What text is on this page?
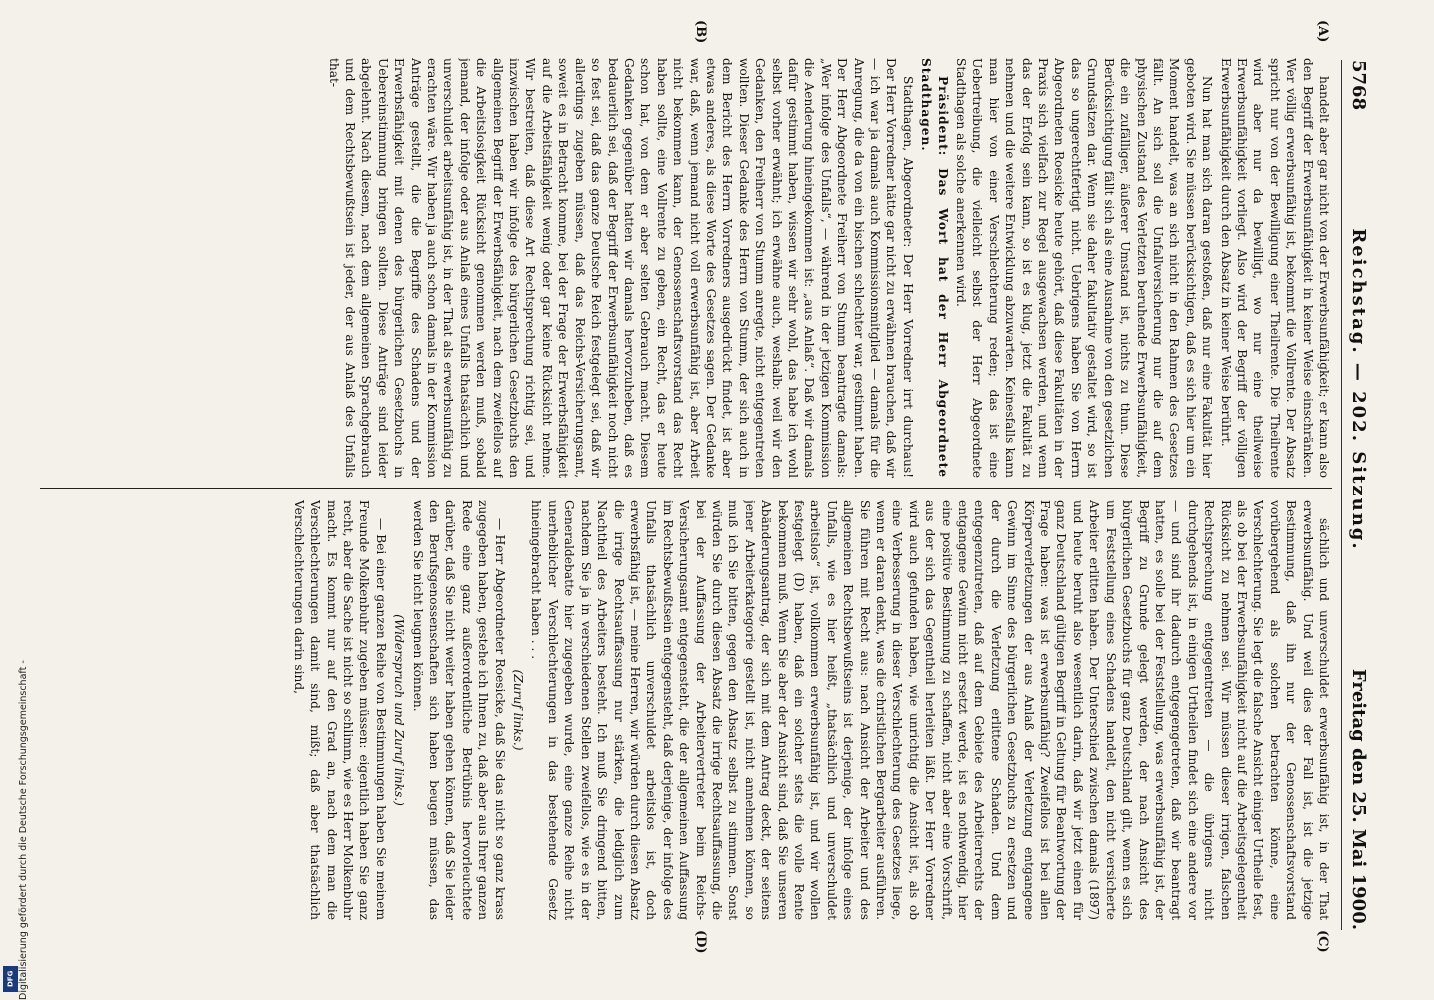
5768
Reichstag. — 202. Sitzung.
Freitag den 25. Mai 1900.
(A)
(B)
(C)
(D)

handelt aber gar nicht von der Erwerbsunfähigkeit; er kann also den Begriff der Erwerbsunfähigkeit in keiner Weise einschränken. Wer völlig erwerbsunfähig ist, bekommt die Vollrente. Der Absatz spricht nur von der Bewilligung einer Theilrente. Die Theilrente wird aber nur da bewilligt, wo nur eine theilweise Erwerbsunfähigkeit vorliegt. Also wird der Begriff der völligen Erwerbsunfähigkeit durch den Absatz in keiner Weise berührt.

Nun hat man sich daran gestoßen, daß nur eine Fakultät hier geboten wird. Sie müssen berücksichtigen, daß es sich hier um ein Moment handelt, was an sich nicht in den Rahmen des Gesetzes fällt. An sich soll die Unfallversicherung nur die auf dem physischen Zustand des Verletzten beruhende Erwerbsunfähigkeit, die ein zufälliger, äußerer Umstand ist, nichts zu thun. Diese Berücksichtigung fällt sich als eine Ausnahme von den gesetzlichen Grundsätzen dar. Wenn sie daher fakultativ gestaltet wird, so ist das so ungerechtfertigt nicht. Uebrigens haben Sie von Herrn Abgeordneten Roesicke heute gehört, daß diese Fakultäten in der Praxis sich vielfach zur Regel ausgewachsen werden, und wenn das der Erfolg sein kann, so ist es klug, jetzt die Fakultät zu nehmen und die weitere Entwicklung abzuwarten. Keinesfalls kann man hier von einer Verschlechterung reden; das ist eine Uebertreibung, die vielleicht selbst der Herr Abgeordnete Stadthagen als solche anerkennen wird.

Präsident: Das Wort hat der Herr Abgeordnete Stadthagen.

Stadthagen, Abgeordneter: Der Herr Vorredner irrt durchaus! Der Herr Vorredner hätte gar nicht zu erwähnen brauchen, daß wir — ich war ja damals auch Kommissionsmitglied — damals für die Anregung, die da von ein bischen schlechter war, gestimmt haben. Der Herr Abgeordnete Freiherr von Stumm beantragte damals: „Wer infolge des Unfalls“, — während in der jetzigen Kommission die Aenderung hineingekommen ist: „aus Anlaß“. Daß wir damals dafür gestimmt haben, wissen wir sehr wohl, das habe ich wohl selbst vorher erwähnt; ich erwähne auch, weshalb: weil wir den Gedanken, den Freiherr von Stumm anregte, nicht entgegentreten wollten. Dieser Gedanke des Herrn von Stumm, der sich auch in dem Bericht des Herrn Vorredners ausgedrückt findet, ist aber etwas anderes, als diese Worte des Gesetzes sagen. Der Gedanke war, daß, wenn jemand nicht voll erwerbsunfähig ist, aber Arbeit nicht bekommen kann, der Genossenschaftsvorstand das Recht haben sollte, eine Vollrente zu geben, ein Recht, das er heute schon hat, von dem er aber selten Gebrauch macht. Diesem Gedanken gegenüber hatten wir damals hervorzuheben, daß es bedauerlich sei, daß der Begriff der Erwerbsunfähigkeit noch nicht so fest sei, daß das ganze Deutsche Reich festgelegt sei, daß wir allerdings zugeben müssen, daß das Reichs-Versicherungsamt, soweit es in Betracht komme, bei der Frage der Erwerbsfähigkeit auf die Arbeitsfähigkeit wenig oder gar keine Rücksicht nehme. Wir bestreiten, daß diese Art Rechtsprechung richtig sei, und inzwischen haben wir infolge des bürgerlichen Gesetzbuchs den allgemeinen Begriff der Erwerbsfähigkeit, nach dem zweifellos auf die Arbeitslosigkeit Rücksicht genommen werden muß, sobald jemand, der infolge oder aus Anlaß eines Unfalls thatsächlich und unverschuldet arbeitsunfähig ist, in der That als erwerbsunfähig zu erachten wäre. Wir haben ja auch schon damals in der Kommission Anträge gestellt, die die Begriffe des Schadens und der Erwerbsfähigkeit mit denen des bürgerlichen Gesetzbuchs in Uebereinstimmung bringen sollten. Diese Anträge sind leider abgelehnt. Nach diesem, nach dem allgemeinen Sprachgebrauch und dem Rechtsbewußtsein ist jeder, der aus Anlaß des Unfalls that-

sächlich und unverschuldet erwerbsunfähig ist, in der That erwerbsunfähig. Und weil dies der Fall ist, ist die jetzige Bestimmung, daß ihn nur der Genossenschaftsvorstand vorübergehend als solchen betrachten könne, eine Verschlechterung. Sie legt die falsche Ansicht einiger Urtheile fest, als ob bei der Erwerbsunfähigkeit nicht auf die Arbeitsgelegenheit Rücksicht zu nehmen sei. Wir müssen dieser irrigen, falschen Rechtsprechung entgegentreten — die übrigens nicht durchgehends ist, in einigen Urtheilen findet sich eine andere vor — und sind ihr dadurch entgegengetreten, daß wir beantragt hatten, es solle bei der Feststellung, was erwerbsunfähig ist, der Begriff zu Grunde gelegt werden, der nach Ansicht des bürgerlichen Gesetzbuchs für ganz Deutschland gilt, wenn es sich um Feststellung eines Schadens handelt, den nicht versicherte Arbeiter erlitten haben. Der Unterschied zwischen damals (1897) und heute beruht also wesentlich darin, daß wir jetzt einen für ganz Deutschland gültigen Begriff in Geltung für Beantwortung der Frage haben: was ist erwerbsunfähig? Zweifellos ist bei allen Körperverletzungen der aus Anlaß der Verletzung entgangene Gewinn im Sinne des bürgerlichen Gesetzbuchs zu ersetzen und der durch die Verletzung erlittene Schaden. Und dem entgegenzutreten, daß auf dem Gebiete des Arbeiterrechts der entgangene Gewinn nicht ersetzt werde, ist es nothwendig, hier eine positive Bestimmung zu schaffen, nicht aber eine Vorschrift, aus der sich das Gegentheil herleiten läßt. Der Herr Vorredner wird auch gefunden haben, wie unrichtig die Ansicht ist, als ob eine Verbesserung in dieser Verschlechterung des Gesetzes liege, wenn er daran denkt, was die christlichen Bergarbeiter ausführen. Sie führen mit Recht aus: nach Ansicht der Arbeiter und des allgemeinen Rechtsbewußtseins ist derjenige, der infolge eines Unfalls, wie es hier heißt, „thatsächlich und unverschuldet arbeitslos“ ist, vollkommen erwerbsunfähig ist, und wir wollen festgelegt (D) haben, daß ein solcher stets die volle Rente bekommen muß. Wenn Sie aber der Ansicht sind, daß Sie unseren Abänderungsantrag, der sich mit dem Antrag deckt, der seitens jener Arbeiterkategorie gestellt ist, nicht annehmen können, so muß ich Sie bitten, gegen den Absatz selbst zu stimmen. Sonst würden Sie durch diesen Absatz die irrige Rechtsauffassung, die bei der Auffassung der Arbeitervertreter beim Reichs-Versicherungsamt entgegensteht, die der allgemeinen Auffassung im Rechtsbewußtsein entgegensteht, daß derjenige, der infolge des Unfalls thatsächlich unverschuldet arbeitslos ist, doch erwerbsfähig ist, — meine Herren, wir würden durch diesen Absatz die irrige Rechtsauffassung nur stärken, die lediglich zum Nachtheil des Arbeiters besteht. Ich muß Sie dringend bitten, nachdem Sie ja in verschiedenen Stellen zweifellos, wie es in der Generaldebatte hier zugegeben wurde, eine ganze Reihe nicht unerheblicher Verschlechterungen in das bestehende Gesetz hineingebracht haben . . .

(Zuruf links.)

— Herr Abgeordneter Roesicke, daß Sie das nicht so ganz krass zugegeben haben, gestehe ich Ihnen zu, daß aber aus Ihrer ganzen Rede eine ganz außerordentliche Betrübnis hervorleuchtete darüber, daß Sie nicht weiter haben gehen können, daß Sie leider den Berufsgenossenschaften sich haben beugen müssen, das werden Sie nicht leugnen können.

(Widerspruch und Zuruf links.)

— Bei einer ganzen Reihe von Bestimmungen haben Sie meinem Freunde Molkenbuhr zugeben müssen: eigentlich haben Sie ganz recht, aber die Sache ist nicht so schlimm, wie es Herr Molkenbuhr macht. Es kommt nur auf den Grad an, nach dem man die Verschlechterungen damit sind, mißt; daß aber thatsächlich Verschlechterungen darin sind,

Digitalisierung gefördert durch die Deutsche Forschungsgemeinschaft -
DFG
